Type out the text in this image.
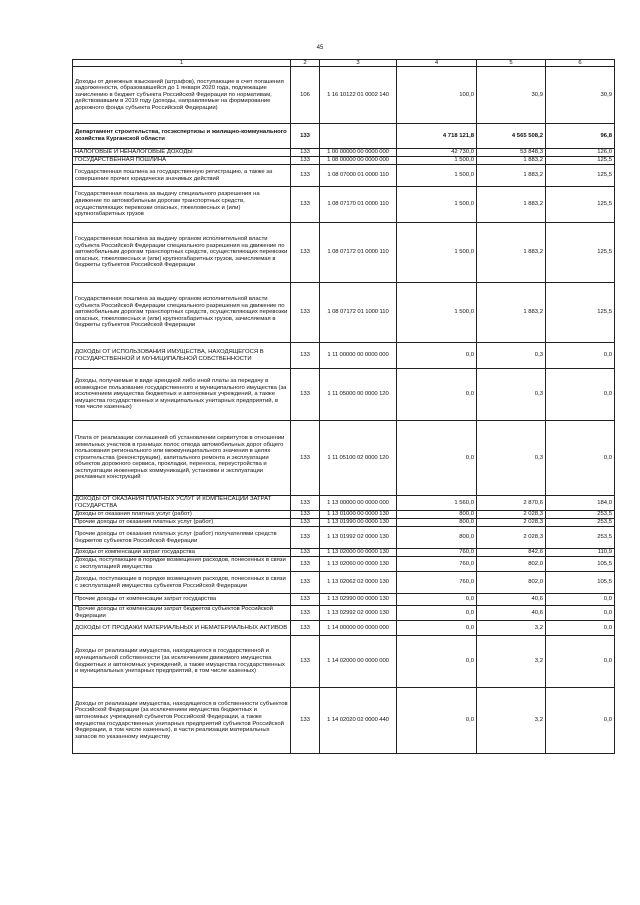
45
1	2	3	4	5	6
Доходы от денежных взысканий (штрафов), поступающие в счет погашения задолженности, образовавшейся до 1 января 2020 года, подлежащие зачислению в бюджет субъекта Российской Федерации по нормативам, действовавшим в 2019 году (доходы, направляемые на формирование дорожного фонда субъекта Российской Федерации)	106	1 16 10122 01 0002 140	100,0	30,9	30,9
Департамент строительства, госэкспертизы и жилищно-коммунального хозяйства Курганской области	133		4 718 121,8	4 565 508,2	96,8
НАЛОГОВЫЕ И НЕНАЛОГОВЫЕ ДОХОДЫ	133	1 00 00000 00 0000 000	42 730,0	53 848,3	126,0
ГОСУДАРСТВЕННАЯ ПОШЛИНА	133	1 08 00000 00 0000 000	1 500,0	1 883,2	125,5
Государственная пошлина за государственную регистрацию, а также за совершение прочих юридически значимых действий	133	1 08 07000 01 0000 110	1 500,0	1 883,2	125,5
Государственная пошлина за выдачу специального разрешения на движение по автомобильным дорогам транспортных средств, осуществляющих перевозки опасных, тяжеловесных и (или) крупногабаритных грузов	133	1 08 07170 01 0000 110	1 500,0	1 883,2	125,5
Государственная пошлина за выдачу органом исполнительной власти субъекта Российской Федерации специального разрешения на движение по автомобильным дорогам транспортных средств, осуществляющих перевозки опасных, тяжеловесных и (или) крупногабаритных грузов, зачисляемая в бюджеты субъектов Российской Федерации	133	1 08 07172 01 0000 110	1 500,0	1 883,2	125,5
Государственная пошлина за выдачу органом исполнительной власти субъекта Российской Федерации специального разрешения на движение по автомобильным дорогам транспортных средств, осуществляющих перевозки опасных, тяжеловесных и (или) крупногабаритных грузов, зачисляемая в бюджеты субъектов Российской Федерации	133	1 08 07172 01 1000 110	1 500,0	1 883,2	125,5
ДОХОДЫ ОТ ИСПОЛЬЗОВАНИЯ ИМУЩЕСТВА, НАХОДЯЩЕГОСЯ В ГОСУДАРСТВЕННОЙ И МУНИЦИПАЛЬНОЙ СОБСТВЕННОСТИ	133	1 11 00000 00 0000 000	0,0	0,3	0,0
Доходы, получаемые в виде арендной либо иной платы за передачу в возмездное пользование государственного и муниципального имущества (за исключением имущества бюджетных и автономных учреждений, а также имущества государственных и муниципальных унитарных предприятий, в том числе казенных)	133	1 11 05000 00 0000 120	0,0	0,3	0,0
Плата от реализации соглашений об установлении сервитутов в отношении земельных участков в границах полос отвода автомобильных дорог общего пользования регионального или межмуниципального значения в целях строительства (реконструкции), капитального ремонта и эксплуатации объектов дорожного сервиса, прокладки, переноса, переустройства и эксплуатации инженерных коммуникаций, установки и эксплуатации рекламных конструкций	133	1 11 05100 02 0000 120	0,0	0,3	0,0
ДОХОДЫ ОТ ОКАЗАНИЯ ПЛАТНЫХ УСЛУГ И КОМПЕНСАЦИИ ЗАТРАТ ГОСУДАРСТВА	133	1 13 00000 00 0000 000	1 560,0	2 870,6	184,0
Доходы от оказания платных услуг (работ)	133	1 13 01000 00 0000 130	800,0	2 028,3	253,5
Прочие доходы от оказания платных услуг (работ)	133	1 13 01990 00 0000 130	800,0	2 028,3	253,5
Прочие доходы от оказания платных услуг (работ) получателями средств бюджетов субъектов Российской Федерации	133	1 13 01992 02 0000 130	800,0	2 028,3	253,5
Доходы от компенсации затрат государства	133	1 13 02000 00 0000 130	760,0	842,6	110,9
Доходы, поступающие в порядке возмещения расходов, понесенных в связи с эксплуатацией имущества	133	1 13 02060 00 0000 130	760,0	802,0	105,5
Доходы, поступающие в порядке возмещения расходов, понесенных в связи с эксплуатацией имущества субъектов Российской Федерации	133	1 13 02062 02 0000 130	760,0	802,0	105,5
Прочие доходы от компенсации затрат государства	133	1 13 02990 00 0000 130	0,0	40,6	0,0
Прочие доходы от компенсации затрат бюджетов субъектов Российской Федерации	133	1 13 02992 02 0000 130	0,0	40,6	0,0
ДОХОДЫ ОТ ПРОДАЖИ МАТЕРИАЛЬНЫХ И НЕМАТЕРИАЛЬНЫХ АКТИВОВ	133	1 14 00000 00 0000 000	0,0	3,2	0,0
Доходы от реализации имущества, находящегося в государственной и муниципальной собственности (за исключением движимого имущества бюджетных и автономных учреждений, а также имущества государственных и муниципальных унитарных предприятий, в том числе казенных)	133	1 14 02000 00 0000 000	0,0	3,2	0,0
Доходы от реализации имущества, находящегося в собственности субъектов Российской Федерации (за исключением имущества бюджетных и автономных учреждений субъектов Российской Федерации, а также имущества государственных унитарных предприятий субъектов Российской Федерации, в том числе казенных), в части реализации материальных запасов по указанному имуществу	133	1 14 02020 02 0000 440	0,0	3,2	0,0
